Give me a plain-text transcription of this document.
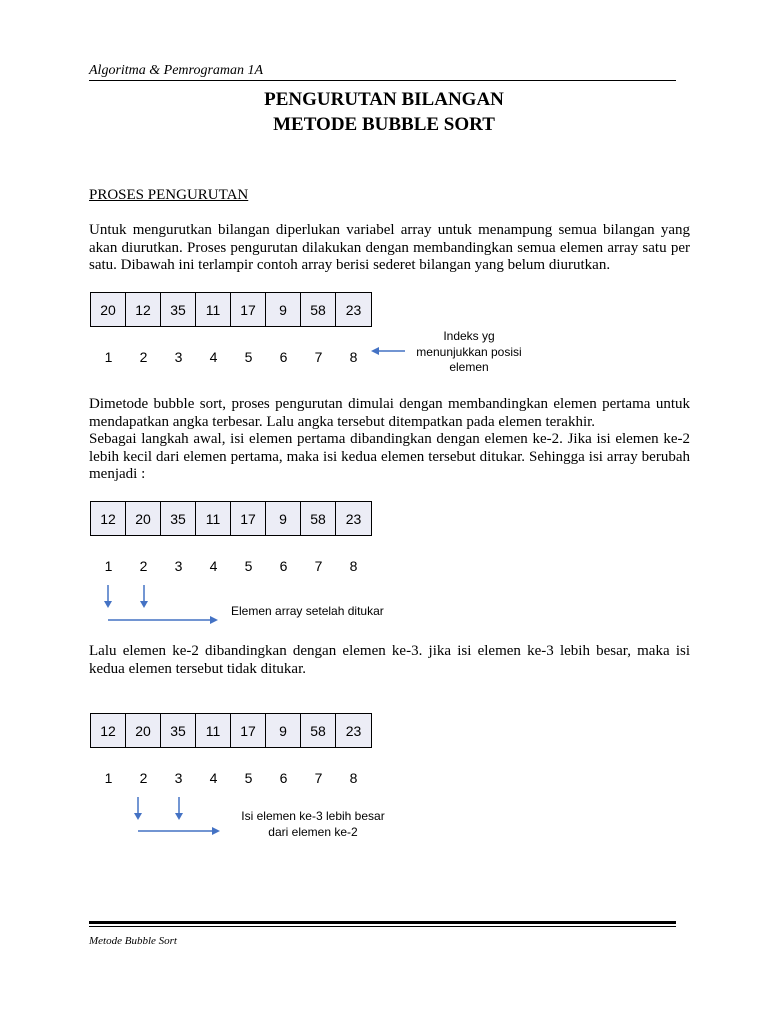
Algoritma & Pemrograman 1A
PENGURUTAN BILANGAN
METODE BUBBLE SORT
PROSES PENGURUTAN

Untuk mengurutkan bilangan diperlukan variabel array untuk menampung semua bilangan yang akan diurutkan. Proses pengurutan dilakukan dengan membandingkan semua elemen array satu per satu. Dibawah ini terlampir contoh array berisi sederet bilangan yang belum diurutkan.

20	12	35	11	17	9	58	23
1	2	3	4	5	6	7	8
Indeks yg
menunjukkan posisi
elemen

Dimetode bubble sort, proses pengurutan dimulai dengan membandingkan elemen pertama untuk mendapatkan angka terbesar. Lalu angka tersebut ditempatkan pada elemen terakhir.

Sebagai langkah awal, isi elemen pertama dibandingkan dengan elemen ke-2. Jika isi elemen ke-2 lebih kecil dari elemen pertama, maka isi kedua elemen tersebut ditukar. Sehingga isi array berubah menjadi :

12	20	35	11	17	9	58	23
1	2	3	4	5	6	7	8
Elemen array setelah ditukar

Lalu elemen ke-2 dibandingkan dengan elemen ke-3. jika isi elemen ke-3 lebih besar, maka isi kedua elemen tersebut tidak ditukar.

12	20	35	11	17	9	58	23
1	2	3	4	5	6	7	8
Isi elemen ke-3 lebih besar
dari elemen ke-2
Metode Bubble Sort
